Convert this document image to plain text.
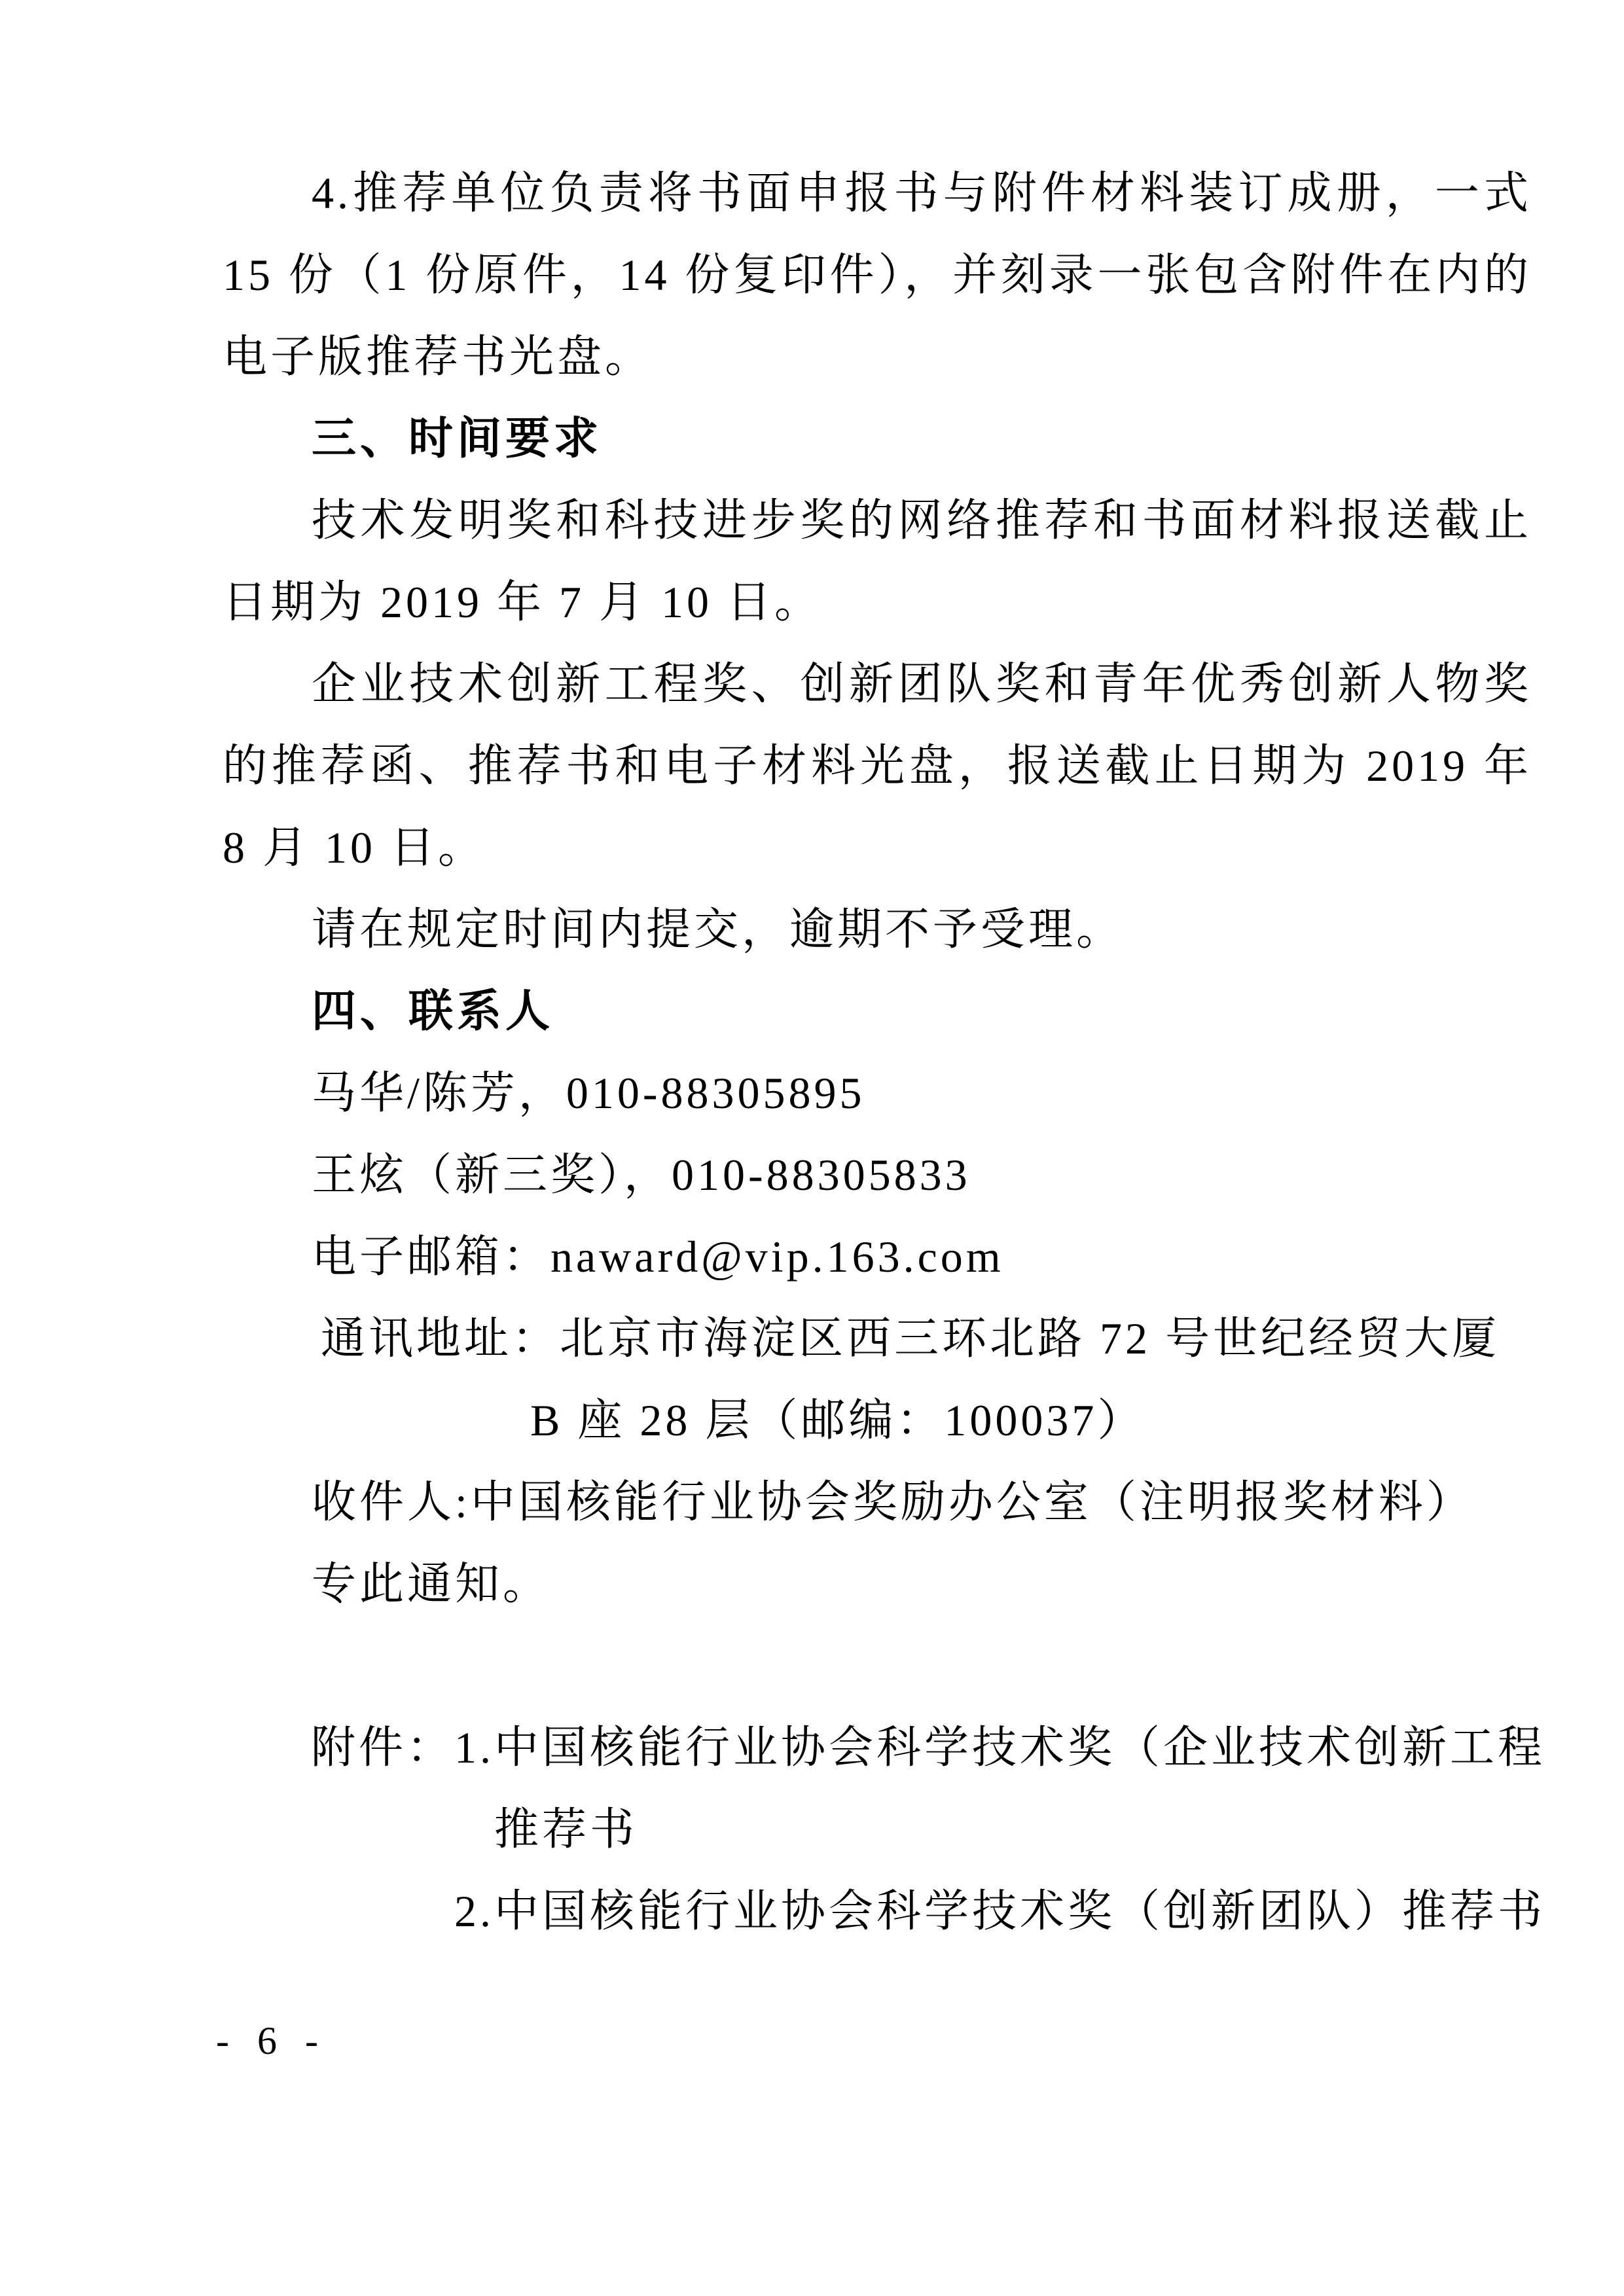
4.推荐单位负责将书面申报书与附件材料装订成册，一式 15 份（1 份原件，14 份复印件），并刻录一张包含附件在内的电子版推荐书光盘。

三、时间要求

技术发明奖和科技进步奖的网络推荐和书面材料报送截止日期为 2019 年 7 月 10 日。

企业技术创新工程奖、创新团队奖和青年优秀创新人物奖的推荐函、推荐书和电子材料光盘，报送截止日期为 2019 年 8 月 10 日。

请在规定时间内提交，逾期不予受理。

四、联系人

马华/陈芳，010-88305895

王炫（新三奖），010-88305833

电子邮箱：naward@vip.163.com

通讯地址： 北京市海淀区西三环北路 72 号世纪经贸大厦
B 座 28 层（邮编：100037）

收件人:中国核能行业协会奖励办公室（注明报奖材料）

专此通知。

附件： 1. 中国核能行业协会科学技术奖（企业技术创新工程
推荐书
2. 中国核能行业协会科学技术奖（创新团队）推荐书
- 6 -
